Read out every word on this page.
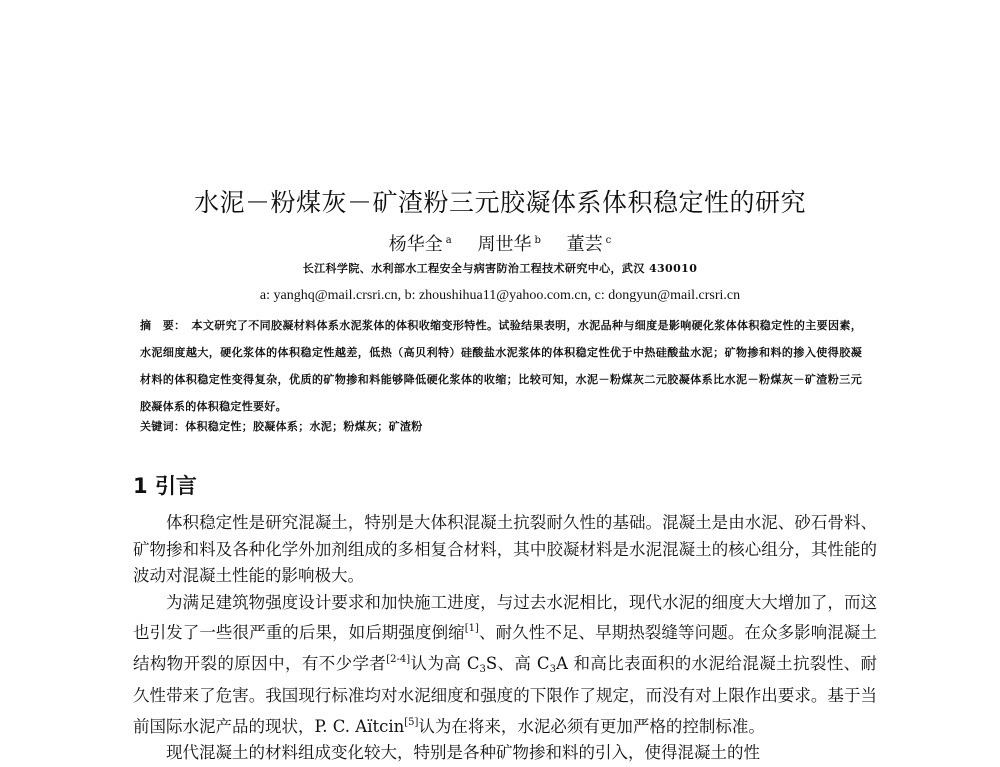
水泥－粉煤灰－矿渣粉三元胶凝体系体积稳定性的研究
杨华全 $^a$ 周世华 $^b$ 董芸 $^c$
长江科学院、水利部水工程安全与病害防治工程技术研究中心，武汉 430010
a: yanghq@mail.crsri.cn, b: zhoushihua11@yahoo.com.cn, c: dongyun@mail.crsri.cn
摘　要： 本文研究了不同胶凝材料体系水泥浆体的体积收缩变形特性。试验结果表明，水泥品种与细度是影响硬化浆体体积稳定性的主要因素，水泥细度越大，硬化浆体的体积稳定性越差，低热（高贝利特）硅酸盐水泥浆体的体积稳定性优于中热硅酸盐水泥；矿物掺和料的掺入使得胶凝材料的体积稳定性变得复杂，优质的矿物掺和料能够降低硬化浆体的收缩；比较可知，水泥－粉煤灰二元胶凝体系比水泥－粉煤灰－矿渣粉三元胶凝体系的体积稳定性要好。
关键词：体积稳定性；胶凝体系；水泥；粉煤灰；矿渣粉
1 引言

体积稳定性是研究混凝土，特别是大体积混凝土抗裂耐久性的基础。混凝土是由水泥、砂石骨料、矿物掺和料及各种化学外加剂组成的多相复合材料，其中胶凝材料是水泥混凝土的核心组分，其性能的波动对混凝土性能的影响极大。

为满足建筑物强度设计要求和加快施工进度，与过去水泥相比，现代水泥的细度大大增加了，而这也引发了一些很严重的后果，如后期强度倒缩[1]、耐久性不足、早期热裂缝等问题。在众多影响混凝土结构物开裂的原因中，有不少学者[2-4]认为高 $C_3S$、高 $C_3A$ 和高比表面积的水泥给混凝土抗裂性、耐久性带来了危害。我国现行标准均对水泥细度和强度的下限作了规定，而没有对上限作出要求。基于当前国际水泥产品的现状，P. C. Aïtcin[5]认为在将来，水泥必须有更加严格的控制标准。

现代混凝土的材料组成变化较大，特别是各种矿物掺和料的引入，使得混凝土的性
